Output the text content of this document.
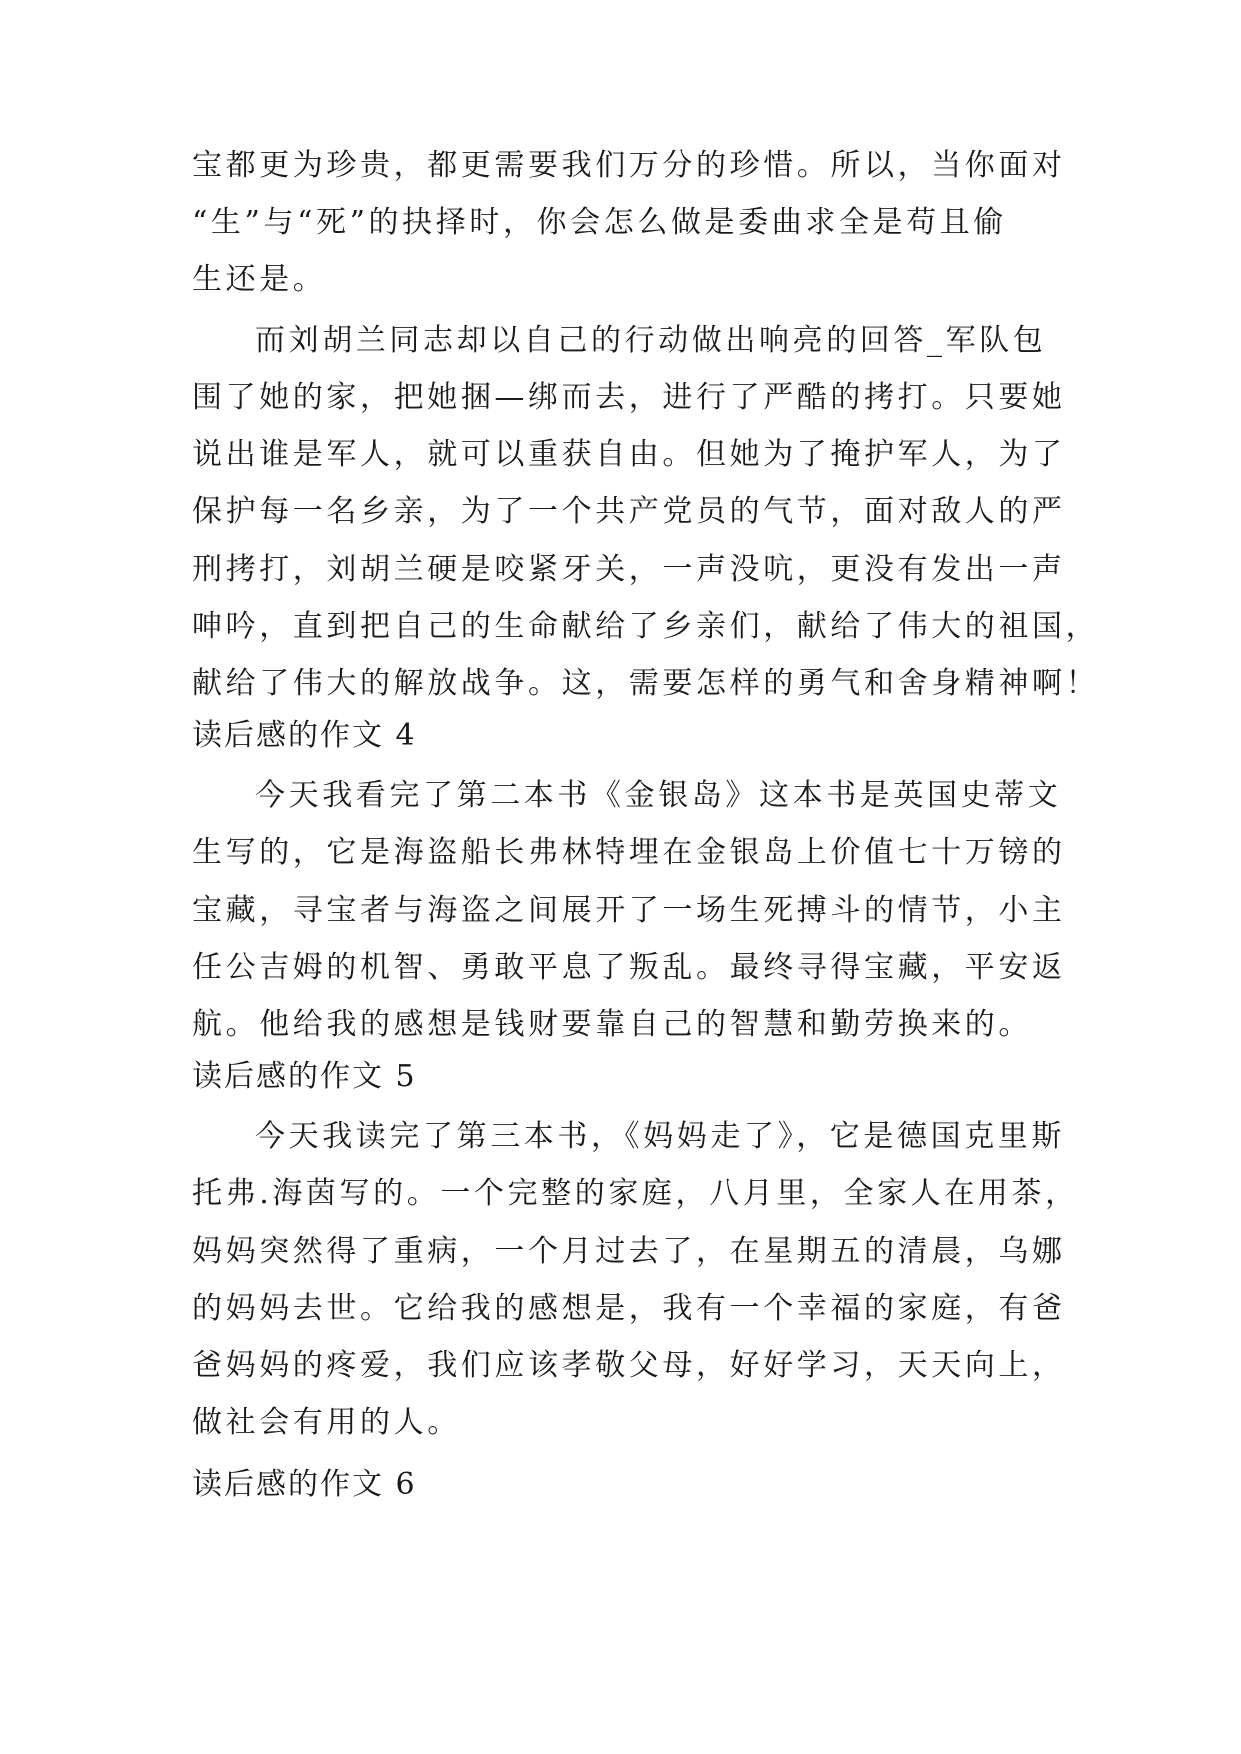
宝都更为珍贵，都更需要我们万分的珍惜。所以，当你面对
“生”与“死”的抉择时，你会怎么做是委曲求全是苟且偷
生还是。
而刘胡兰同志却以自己的行动做出响亮的回答_军队包
围了她的家，把她捆—绑而去，进行了严酷的拷打。只要她
说出谁是军人，就可以重获自由。但她为了掩护军人，为了
保护每一名乡亲，为了一个共产党员的气节，面对敌人的严
刑拷打，刘胡兰硬是咬紧牙关，一声没吭，更没有发出一声
呻吟，直到把自己的生命献给了乡亲们，献给了伟大的祖国，
献给了伟大的解放战争。这，需要怎样的勇气和舍身精神啊！
读后感的作文 4
今天我看完了第二本书《金银岛》这本书是英国史蒂文
生写的，它是海盗船长弗林特埋在金银岛上价值七十万镑的
宝藏，寻宝者与海盗之间展开了一场生死搏斗的情节，小主
任公吉姆的机智、勇敢平息了叛乱。最终寻得宝藏，平安返
航。他给我的感想是钱财要靠自己的智慧和勤劳换来的。
读后感的作文 5
今天我读完了第三本书，《妈妈走了》，它是德国克里斯
托弗.海茵写的。一个完整的家庭，八月里，全家人在用茶，
妈妈突然得了重病，一个月过去了，在星期五的清晨，乌娜
的妈妈去世。它给我的感想是，我有一个幸福的家庭，有爸
爸妈妈的疼爱，我们应该孝敬父母，好好学习，天天向上，
做社会有用的人。
读后感的作文 6
